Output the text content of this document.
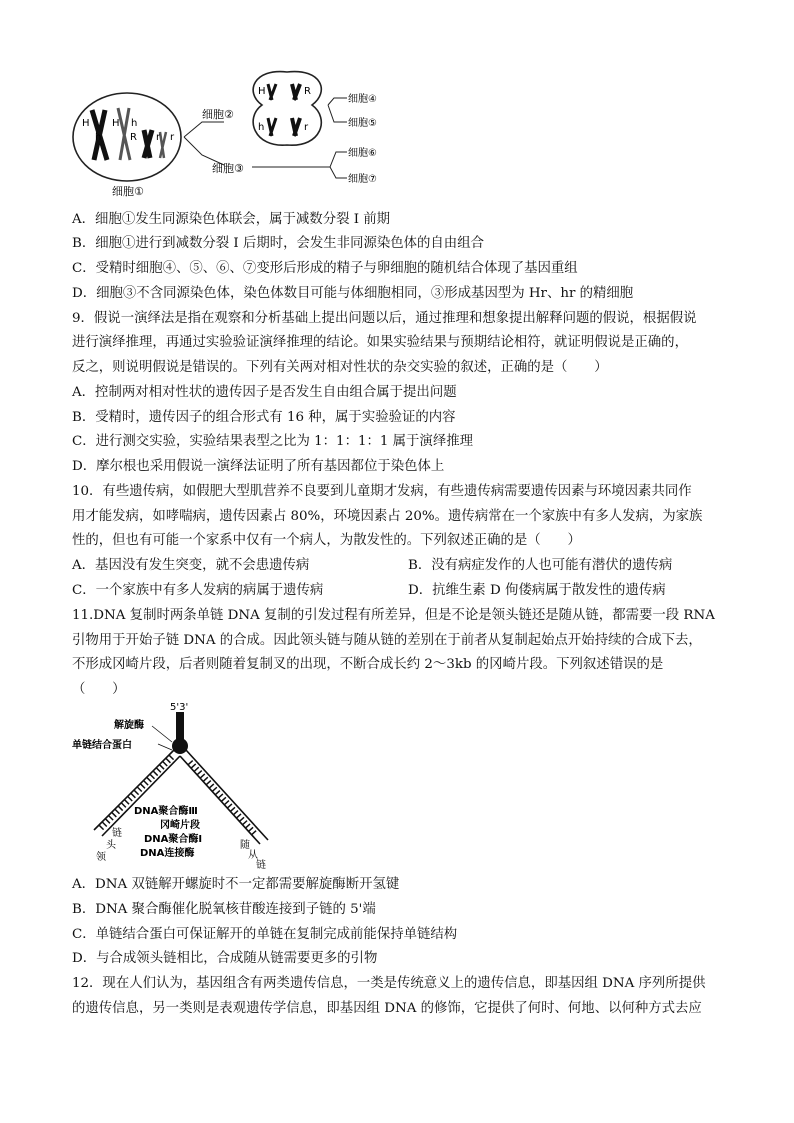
H
h
H h
R r r
细胞①
细胞②
细胞③
H	R
h	r
细胞④
细胞⑤
细胞⑥
细胞⑦
A．细胞①发生同源染色体联会，属于减数分裂 I 前期
B．细胞①进行到减数分裂 I 后期时，会发生非同源染色体的自由组合
C．受精时细胞④、⑤、⑥、⑦变形后形成的精子与卵细胞的随机结合体现了基因重组
D．细胞③不含同源染色体，染色体数目可能与体细胞相同，③形成基因型为 Hr、hr 的精细胞
9．假说一演绎法是指在观察和分析基础上提出问题以后，通过推理和想象提出解释问题的假说，根据假说
进行演绎推理，再通过实验验证演绎推理的结论。如果实验结果与预期结论相符，就证明假说是正确的，
反之，则说明假说是错误的。下列有关两对相对性状的杂交实验的叙述，正确的是（　　）
A．控制两对相对性状的遗传因子是否发生自由组合属于提出问题
B．受精时，遗传因子的组合形式有 16 种，属于实验验证的内容
C．进行测交实验，实验结果表型之比为 1：1：1：1 属于演绎推理
D．摩尔根也采用假说一演绎法证明了所有基因都位于染色体上
10．有些遗传病，如假肥大型肌营养不良要到儿童期才发病，有些遗传病需要遗传因素与环境因素共同作
用才能发病，如哮喘病，遗传因素占 80%，环境因素占 20%。遗传病常在一个家族中有多人发病，为家族
性的，但也有可能一个家系中仅有一个病人，为散发性的。下列叙述正确的是（　　）
A．基因没有发生突变，就不会患遗传病	B．没有病症发作的人也可能有潜伏的遗传病
C．一个家族中有多人发病的病属于遗传病	D．抗维生素 D 佝偻病属于散发性的遗传病
11.DNA 复制时两条单链 DNA 复制的引发过程有所差异，但是不论是领头链还是随从链，都需要一段 RNA
引物用于开始子链 DNA 的合成。因此领头链与随从链的差别在于前者从复制起始点开始持续的合成下去，
不形成冈崎片段，后者则随着复制叉的出现，不断合成长约 2～3kb 的冈崎片段。下列叙述错误的是
（　　）
5'3'
解旋酶
单链结合蛋白
DNA聚合酶Ⅲ
冈崎片段
DNA聚合酶Ⅰ
DNA连接酶
领
头
链
随
从
链
A．DNA 双链解开螺旋时不一定都需要解旋酶断开氢键
B．DNA 聚合酶催化脱氧核苷酸连接到子链的 5'端
C．单链结合蛋白可保证解开的单链在复制完成前能保持单链结构
D．与合成领头链相比，合成随从链需要更多的引物
12．现在人们认为，基因组含有两类遗传信息，一类是传统意义上的遗传信息，即基因组 DNA 序列所提供
的遗传信息，另一类则是表观遗传学信息，即基因组 DNA 的修饰，它提供了何时、何地、以何种方式去应
